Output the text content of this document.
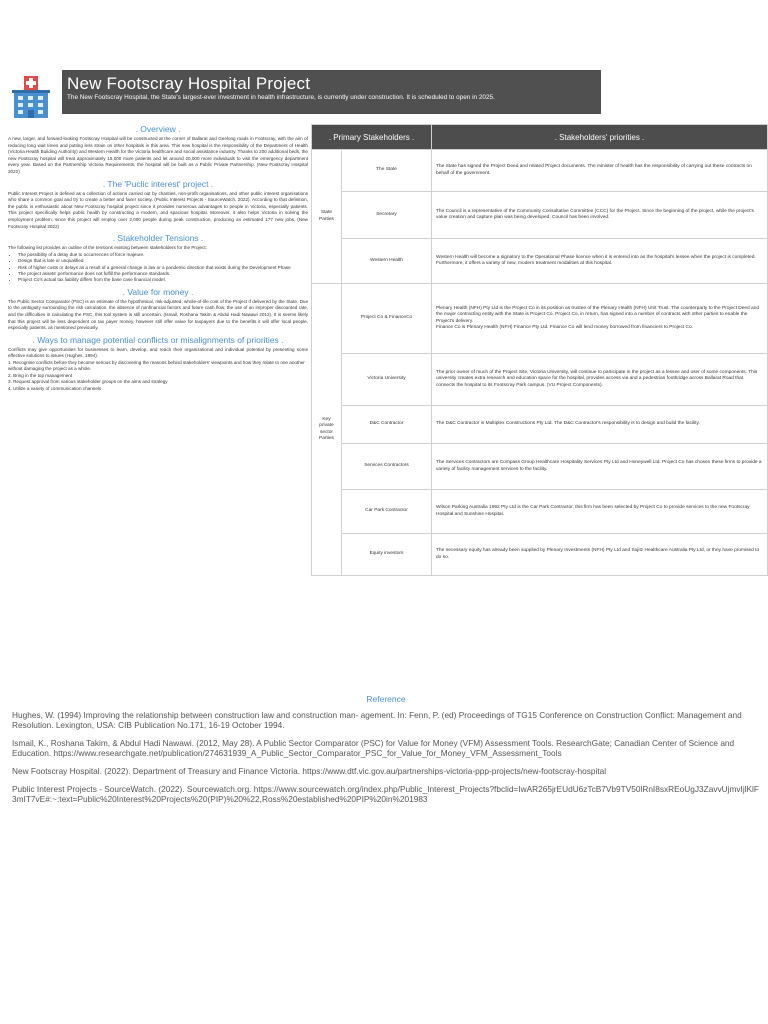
New Footscray Hospital Project
The New Footscray Hospital, the State's largest-ever investment in health infrastructure, is currently under construction. It is scheduled to open in 2025.
. Overview .
A new, larger, and forward-looking Footscray Hospital will be constructed at the corner of Ballarat and Geelong roads in Footscray, with the aim of reducing long wait times and putting less strain on other hospitals in this area. This new hospital is the responsibility of the Department of Health (Victoria Health Building Authority) and Western Health for the Victoria healthcare and social assistance industry. Thanks to 200 additional beds, the new Footscray hospital will treat approximately 15,000 more patients and let around 20,000 more individuals to visit the emergency department every year. Based on the Partnership Victoria Requirements, the hospital will be built as a Public Private Partnership. (New Footscray Hospital 2022)
. The 'Puclic interest' project .
Public Interest Project is defined as a collection of actions carried out by charities, non-profit organisations, and other public interest organisations who share a common goal and try to create a better and fairer society. (Public Interest Projects - SourceWatch, 2022). According to that definition, the public is enthusiastic about New Footscray hospital project since it provides numerous advantages to people in Victoria, especially patients. This project specifically helps public health by constructing a modern, and spacious hospital. Moreover, it also helps Victoria in solving the employment problem, since this project will employ over 2,000 people during peak construction, producing an estimated 177 new jobs. (New Footscray Hospital 2022)
. Stakeholder Tensions .
The following list provides an outline of the tensions existing between stakeholders for the Project:
• The possibility of a delay due to occurrences of force majeure.
• Design that is late or unqualified
• Risk of higher costs or delays as a result of a general change in law or a pandemic direction that exists during the Development Phase
• The project assets' performance does not fulfill the performance standards.
• Project Co's actual tax liability differs from the base case financial model.
. Value for money .
The Public Sector Comparator (PSC) is an estimate of the hypothetical, risk-adjusted, whole-of-life cost of the Project if delivered by the State. Due to the ambiguity surrounding the risk calculation, the absence of nonfinancial factors and future cash flow, the use of an improper discounted rate, and the difficulties in calculating the PSC, this tool system is still uncertain. (Ismail, Roshana Takim & Abdul Hadi Nawawi 2012). It is seems likely that this project will be less dependent on tax payer money, however still offer value for taxpayers due to the benefits it will offer local people, especially patients, as mentioned previously.
. Ways to manage potential conflicts or misalignments of priorities .
Conflicts may give opportunities for businesses to learn, develop, and reach their organizational and individual potential by presenting some effective solutions to issues (Hughes, 1994).
1. Recognise conflicts before they become serious by discovering the reasons behind stakeholders' viewpoints and how they relate to one another without damaging the project as a whole.
2. Bring in the top management
3. Request approval from various stakeholder groups on the aims and strategy
4. Utilize a variety of communication channels
. Primary Stakeholders .		. Stakeholders' priorities .
State Parties	The State	The State has signed the Project Deed and related Project documents. The minister of health has the responsibility of carrying out these contracts on behalf of the government.
	Secretary	The Council is a representative of the Community Consultative Committee (CCC) for the Project. Since the beginning of the project, while the project's value creation and capture plan was being developed, Council has been involved.
	Western Health	Western Health will become a signatory to the Operational Phase licence when it is entered into as the hospital's lessee when the project is completed. Furthermore, it offers a variety of new, modern treatment modalities at this hospital.
Key private sector Parties	Project Co & FinanceCo	Plenary Health (NFH) Pty Ltd is the Project Co in its position as trustee of the Plenary Health (NFH) Unit Trust. The counterparty to the Project Deed and the major contracting entity with the State is Project Co. Project Co, in return, has signed into a number of contracts with other parties to enable the Project's delivery.
Finance Co is Plenary Health (NFH) Finance Pty Ltd. Finance Co will lend money borrowed from financiers to Project Co.
	Victoria University	The prior owner of much of the Project Site, Victoria University, will continue to participate in the project as a lessee and user of some components. This university creates extra research and education space for the hospital, provides access via and a pedestrian footbridge across Ballarat Road that connects the hospital to its Footscray Park campus. (VU Project Components).
	D&C Contractor	The D&C Contractor is Multiplex Constructions Pty Ltd. The D&C Contractor's responsibility is to design and build the facility.
	Services Contractors	The Services Contractors are Compass Group Healthcare Hospitality Services Pty Ltd and Honeywell Ltd. Project Co has chosen these firms to provide a variety of facility management services to the facility.
	Car Park Contractor	Wilson Parking Australia 1992 Pty Ltd is the Car Park Contractor, this firm has been selected by Project Co to provide services to the new Footscray Hospital and Sunshine Hospital.
	Equity investors	The necessary equity has already been supplied by Plenary Investments (NFH) Pty Ltd and Sojitz Healthcare Australia Pty Ltd, or they have promised to do so.
Reference
Hughes, W. (1994) Improving the relationship between construction law and construction man- agement. In: Fenn, P. (ed) Proceedings of TG15 Conference on Construction Conflict: Management and Resolution. Lexington, USA: CIB Publication No.171, 16-19 October 1994.
Ismail, K., Roshana Takim, & Abdul Hadi Nawawi. (2012, May 28). A Public Sector Comparator (PSC) for Value for Money (VFM) Assessment Tools. ResearchGate; Canadian Center of Science and Education. https://www.researchgate.net/publication/274631939_A_Public_Sector_Comparator_PSC_for_Value_for_Money_VFM_Assessment_Tools
New Footscray Hospital. (2022). Department of Treasury and Finance Victoria. https://www.dtf.vic.gov.au/partnerships-victoria-ppp-projects/new-footscray-hospital
Public Interest Projects - SourceWatch. (2022). Sourcewatch.org. https://www.sourcewatch.org/index.php/Public_Interest_Projects?fbclid=IwAR265jrEUdU6zTcB7Vb9TV50lRnI8sxREoUgJ3ZavvUjmvIjlKlF3mIT7vE#:~:text=Public%20Interest%20Projects%20(PIP)%20%22,Ross%20established%20PIP%20in%201983
